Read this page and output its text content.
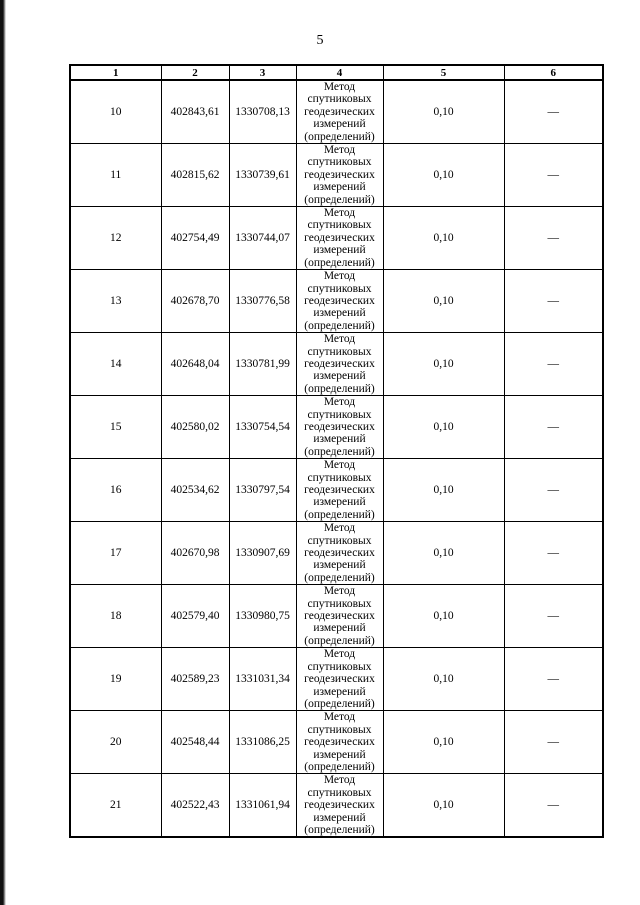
5
1	2	3	4	5	6
10	402843,61	1330708,13	Метод
спутниковых
геодезических
измерений
(определений)	0,10	—
11	402815,62	1330739,61	Метод
спутниковых
геодезических
измерений
(определений)	0,10	—
12	402754,49	1330744,07	Метод
спутниковых
геодезических
измерений
(определений)	0,10	—
13	402678,70	1330776,58	Метод
спутниковых
геодезических
измерений
(определений)	0,10	—
14	402648,04	1330781,99	Метод
спутниковых
геодезических
измерений
(определений)	0,10	—
15	402580,02	1330754,54	Метод
спутниковых
геодезических
измерений
(определений)	0,10	—
16	402534,62	1330797,54	Метод
спутниковых
геодезических
измерений
(определений)	0,10	—
17	402670,98	1330907,69	Метод
спутниковых
геодезических
измерений
(определений)	0,10	—
18	402579,40	1330980,75	Метод
спутниковых
геодезических
измерений
(определений)	0,10	—
19	402589,23	1331031,34	Метод
спутниковых
геодезических
измерений
(определений)	0,10	—
20	402548,44	1331086,25	Метод
спутниковых
геодезических
измерений
(определений)	0,10	—
21	402522,43	1331061,94	Метод
спутниковых
геодезических
измерений
(определений)	0,10	—
